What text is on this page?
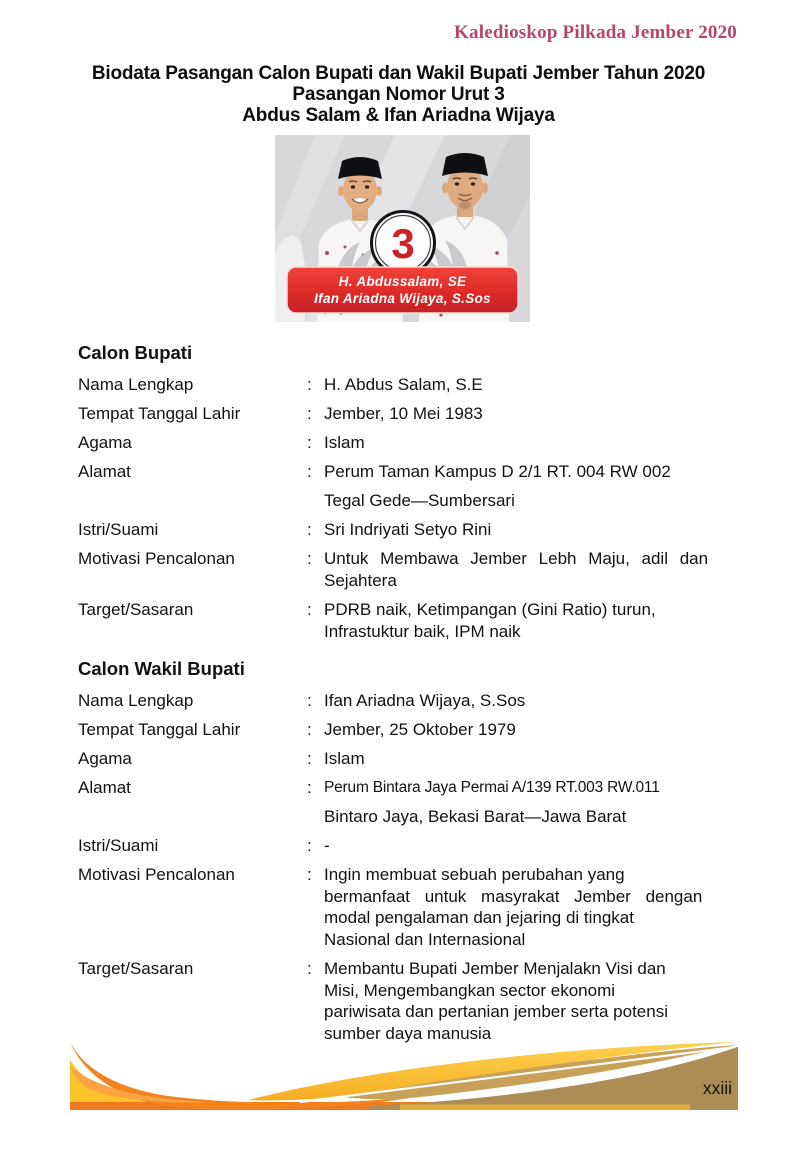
Kaledioskop Pilkada Jember 2020
Biodata Pasangan Calon Bupati dan Wakil Bupati Jember Tahun 2020
Pasangan Nomor Urut 3
Abdus Salam & Ifan Ariadna Wijaya
3
H. Abdussalam, SE
Ifan Ariadna Wijaya, S.Sos
Calon Bupati
Nama Lengkap	: H. Abdus Salam, S.E
Tempat Tanggal Lahir	: Jember, 10 Mei 1983
Agama	: Islam
Alamat	: Perum Taman Kampus D 2/1 RT. 004 RW 002
Tegal Gede—Sumbersari
Istri/Suami	: Sri Indriyati Setyo Rini
Motivasi Pencalonan	: Untuk Membawa Jember Lebh Maju, adil dan
Sejahtera
Target/Sasaran	: PDRB naik, Ketimpangan (Gini Ratio) turun,
Infrastuktur baik, IPM naik
Calon Wakil Bupati
Nama Lengkap	: Ifan Ariadna Wijaya, S.Sos
Tempat Tanggal Lahir	: Jember, 25 Oktober 1979
Agama	: Islam
Alamat	: Perum Bintara Jaya Permai A/139 RT.003 RW.011
Bintaro Jaya, Bekasi Barat—Jawa Barat
Istri/Suami	: -
Motivasi Pencalonan	: Ingin membuat sebuah perubahan yang
bermanfaat untuk masyrakat Jember dengan
modal pengalaman dan jejaring di tingkat
Nasional dan Internasional
Target/Sasaran	: Membantu Bupati Jember Menjalakn Visi dan
Misi, Mengembangkan sector ekonomi
pariwisata dan pertanian jember serta potensi
sumber daya manusia
xxiii
